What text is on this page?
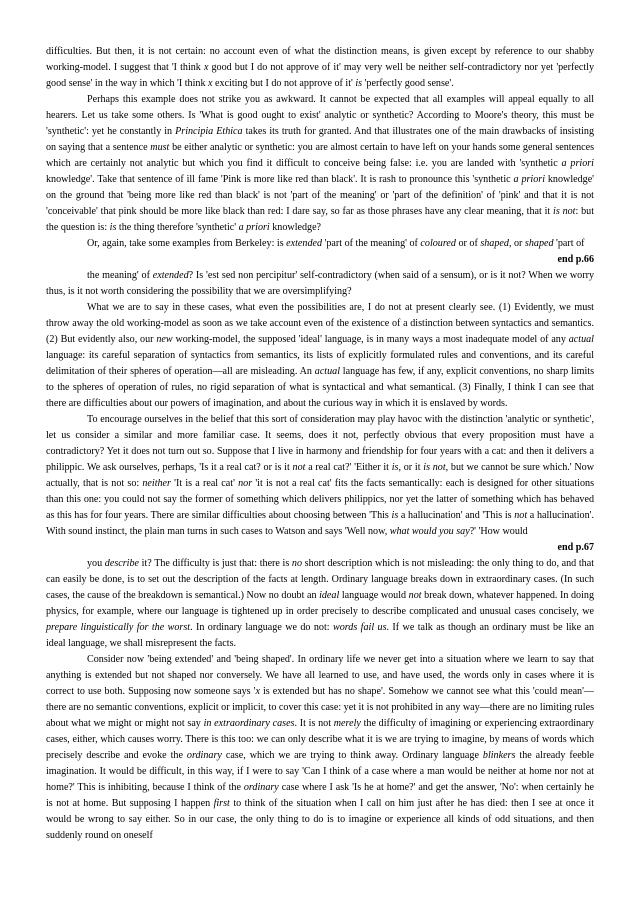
difficulties. But then, it is not certain: no account even of what the distinction means, is given except by reference to our shabby working-model. I suggest that 'I think x good but I do not approve of it' may very well be neither self-contradictory nor yet 'perfectly good sense' in the way in which 'I think x exciting but I do not approve of it' is 'perfectly good sense'.

Perhaps this example does not strike you as awkward. It cannot be expected that all examples will appeal equally to all hearers. Let us take some others. Is 'What is good ought to exist' analytic or synthetic? According to Moore's theory, this must be 'synthetic': yet he constantly in Principia Ethica takes its truth for granted. And that illustrates one of the main drawbacks of insisting on saying that a sentence must be either analytic or synthetic: you are almost certain to have left on your hands some general sentences which are certainly not analytic but which you find it difficult to conceive being false: i.e. you are landed with 'synthetic a priori knowledge'. Take that sentence of ill fame 'Pink is more like red than black'. It is rash to pronounce this 'synthetic a priori knowledge' on the ground that 'being more like red than black' is not 'part of the meaning' or 'part of the definition' of 'pink' and that it is not 'conceivable' that pink should be more like black than red: I dare say, so far as those phrases have any clear meaning, that it is not: but the question is: is the thing therefore 'synthetic' a priori knowledge?

Or, again, take some examples from Berkeley: is extended 'part of the meaning' of coloured or of shaped, or shaped 'part of

end p.66

the meaning' of extended? Is 'est sed non percipitur' self-contradictory (when said of a sensum), or is it not? When we worry thus, is it not worth considering the possibility that we are oversimplifying?

What we are to say in these cases, what even the possibilities are, I do not at present clearly see. (1) Evidently, we must throw away the old working-model as soon as we take account even of the existence of a distinction between syntactics and semantics. (2) But evidently also, our new working-model, the supposed 'ideal' language, is in many ways a most inadequate model of any actual language: its careful separation of syntactics from semantics, its lists of explicitly formulated rules and conventions, and its careful delimitation of their spheres of operation—all are misleading. An actual language has few, if any, explicit conventions, no sharp limits to the spheres of operation of rules, no rigid separation of what is syntactical and what semantical. (3) Finally, I think I can see that there are difficulties about our powers of imagination, and about the curious way in which it is enslaved by words.

To encourage ourselves in the belief that this sort of consideration may play havoc with the distinction 'analytic or synthetic', let us consider a similar and more familiar case. It seems, does it not, perfectly obvious that every proposition must have a contradictory? Yet it does not turn out so. Suppose that I live in harmony and friendship for four years with a cat: and then it delivers a philippic. We ask ourselves, perhaps, 'Is it a real cat? or is it not a real cat?' 'Either it is, or it is not, but we cannot be sure which.' Now actually, that is not so: neither 'It is a real cat' nor 'it is not a real cat' fits the facts semantically: each is designed for other situations than this one: you could not say the former of something which delivers philippics, nor yet the latter of something which has behaved as this has for four years. There are similar difficulties about choosing between 'This is a hallucination' and 'This is not a hallucination'. With sound instinct, the plain man turns in such cases to Watson and says 'Well now, what would you say?' 'How would

end p.67

you describe it? The difficulty is just that: there is no short description which is not misleading: the only thing to do, and that can easily be done, is to set out the description of the facts at length. Ordinary language breaks down in extraordinary cases. (In such cases, the cause of the breakdown is semantical.) Now no doubt an ideal language would not break down, whatever happened. In doing physics, for example, where our language is tightened up in order precisely to describe complicated and unusual cases concisely, we prepare linguistically for the worst. In ordinary language we do not: words fail us. If we talk as though an ordinary must be like an ideal language, we shall misrepresent the facts.

Consider now 'being extended' and 'being shaped'. In ordinary life we never get into a situation where we learn to say that anything is extended but not shaped nor conversely. We have all learned to use, and have used, the words only in cases where it is correct to use both. Supposing now someone says 'x is extended but has no shape'. Somehow we cannot see what this 'could mean'—there are no semantic conventions, explicit or implicit, to cover this case: yet it is not prohibited in any way—there are no limiting rules about what we might or might not say in extraordinary cases. It is not merely the difficulty of imagining or experiencing extraordinary cases, either, which causes worry. There is this too: we can only describe what it is we are trying to imagine, by means of words which precisely describe and evoke the ordinary case, which we are trying to think away. Ordinary language blinkers the already feeble imagination. It would be difficult, in this way, if I were to say 'Can I think of a case where a man would be neither at home nor not at home?' This is inhibiting, because I think of the ordinary case where I ask 'Is he at home?' and get the answer, 'No': when certainly he is not at home. But supposing I happen first to think of the situation when I call on him just after he has died: then I see at once it would be wrong to say either. So in our case, the only thing to do is to imagine or experience all kinds of odd situations, and then suddenly round on oneself
